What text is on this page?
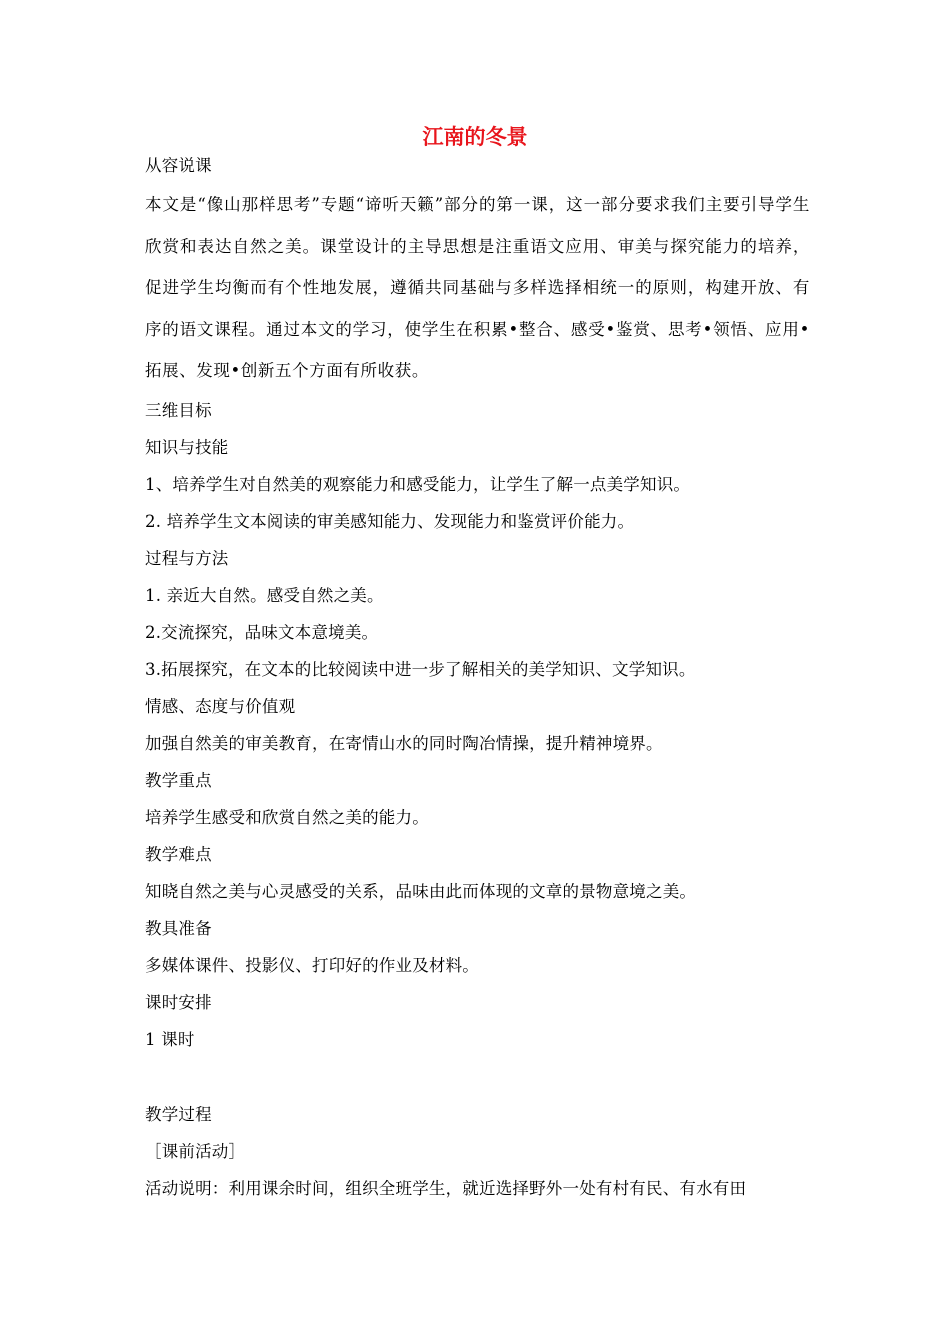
江南的冬景
从容说课
本文是“像山那样思考”专题“谛听天籁”部分的第一课，这一部分要求我们主要引导学生欣赏和表达自然之美。课堂设计的主导思想是注重语文应用、审美与探究能力的培养，促进学生均衡而有个性地发展，遵循共同基础与多样选择相统一的原则，构建开放、有序的语文课程。通过本文的学习，使学生在积累•整合、感受•鉴赏、思考•领悟、应用•拓展、发现•创新五个方面有所收获。
三维目标
知识与技能
1、培养学生对自然美的观察能力和感受能力，让学生了解一点美学知识。
2. 培养学生文本阅读的审美感知能力、发现能力和鉴赏评价能力。
过程与方法
1. 亲近大自然。感受自然之美。
2.交流探究，品味文本意境美。
3.拓展探究，在文本的比较阅读中进一步了解相关的美学知识、文学知识。
情感、态度与价值观
加强自然美的审美教育，在寄情山水的同时陶冶情操，提升精神境界。
教学重点
培养学生感受和欣赏自然之美的能力。
教学难点
知晓自然之美与心灵感受的关系，品味由此而体现的文章的景物意境之美。
教具准备
多媒体课件、投影仪、打印好的作业及材料。
课时安排
1 课时
教学过程
［课前活动］
活动说明：利用课余时间，组织全班学生，就近选择野外一处有村有民、有水有田
